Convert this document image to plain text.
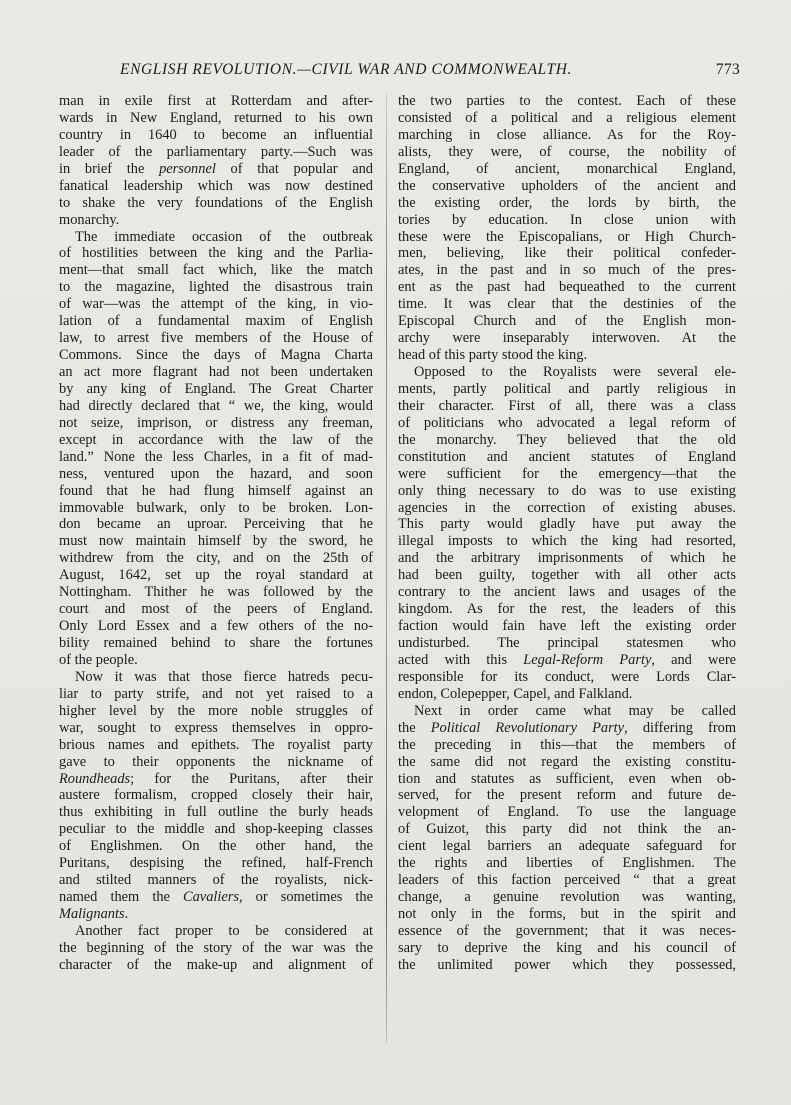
ENGLISH REVOLUTION.—CIVIL WAR AND COMMONWEALTH.	773
man in exile first at Rotterdam and after-
wards in New England, returned to his own
country in 1640 to become an influential
leader of the parliamentary party.—Such was
in brief the personnel of that popular and
fanatical leadership which was now destined
to shake the very foundations of the English
monarchy.
The immediate occasion of the outbreak
of hostilities between the king and the Parlia-
ment—that small fact which, like the match
to the magazine, lighted the disastrous train
of war—was the attempt of the king, in vio-
lation of a fundamental maxim of English
law, to arrest five members of the House of
Commons. Since the days of Magna Charta
an act more flagrant had not been undertaken
by any king of England. The Great Charter
had directly declared that “ we, the king, would
not seize, imprison, or distress any freeman,
except in accordance with the law of the
land.” None the less Charles, in a fit of mad-
ness, ventured upon the hazard, and soon
found that he had flung himself against an
immovable bulwark, only to be broken. Lon-
don became an uproar. Perceiving that he
must now maintain himself by the sword, he
withdrew from the city, and on the 25th of
August, 1642, set up the royal standard at
Nottingham. Thither he was followed by the
court and most of the peers of England.
Only Lord Essex and a few others of the no-
bility remained behind to share the fortunes
of the people.
Now it was that those fierce hatreds pecu-
liar to party strife, and not yet raised to a
higher level by the more noble struggles of
war, sought to express themselves in oppro-
brious names and epithets. The royalist party
gave to their opponents the nickname of
Roundheads; for the Puritans, after their
austere formalism, cropped closely their hair,
thus exhibiting in full outline the burly heads
peculiar to the middle and shop-keeping classes
of Englishmen. On the other hand, the
Puritans, despising the refined, half-French
and stilted manners of the royalists, nick-
named them the Cavaliers, or sometimes the
Malignants.
Another fact proper to be considered at
the beginning of the story of the war was the
character of the make-up and alignment of
the two parties to the contest. Each of these
consisted of a political and a religious element
marching in close alliance. As for the Roy-
alists, they were, of course, the nobility of
England, of ancient, monarchical England,
the conservative upholders of the ancient and
the existing order, the lords by birth, the
tories by education. In close union with
these were the Episcopalians, or High Church-
men, believing, like their political confeder-
ates, in the past and in so much of the pres-
ent as the past had bequeathed to the current
time. It was clear that the destinies of the
Episcopal Church and of the English mon-
archy were inseparably interwoven. At the
head of this party stood the king.
Opposed to the Royalists were several ele-
ments, partly political and partly religious in
their character. First of all, there was a class
of politicians who advocated a legal reform of
the monarchy. They believed that the old
constitution and ancient statutes of England
were sufficient for the emergency—that the
only thing necessary to do was to use existing
agencies in the correction of existing abuses.
This party would gladly have put away the
illegal imposts to which the king had resorted,
and the arbitrary imprisonments of which he
had been guilty, together with all other acts
contrary to the ancient laws and usages of the
kingdom. As for the rest, the leaders of this
faction would fain have left the existing order
undisturbed. The principal statesmen who
acted with this Legal-Reform Party, and were
responsible for its conduct, were Lords Clar-
endon, Colepepper, Capel, and Falkland.
Next in order came what may be called
the Political Revolutionary Party, differing from
the preceding in this—that the members of
the same did not regard the existing constitu-
tion and statutes as sufficient, even when ob-
served, for the present reform and future de-
velopment of England. To use the language
of Guizot, this party did not think the an-
cient legal barriers an adequate safeguard for
the rights and liberties of Englishmen. The
leaders of this faction perceived “ that a great
change, a genuine revolution was wanting,
not only in the forms, but in the spirit and
essence of the government; that it was neces-
sary to deprive the king and his council of
the unlimited power which they possessed,
